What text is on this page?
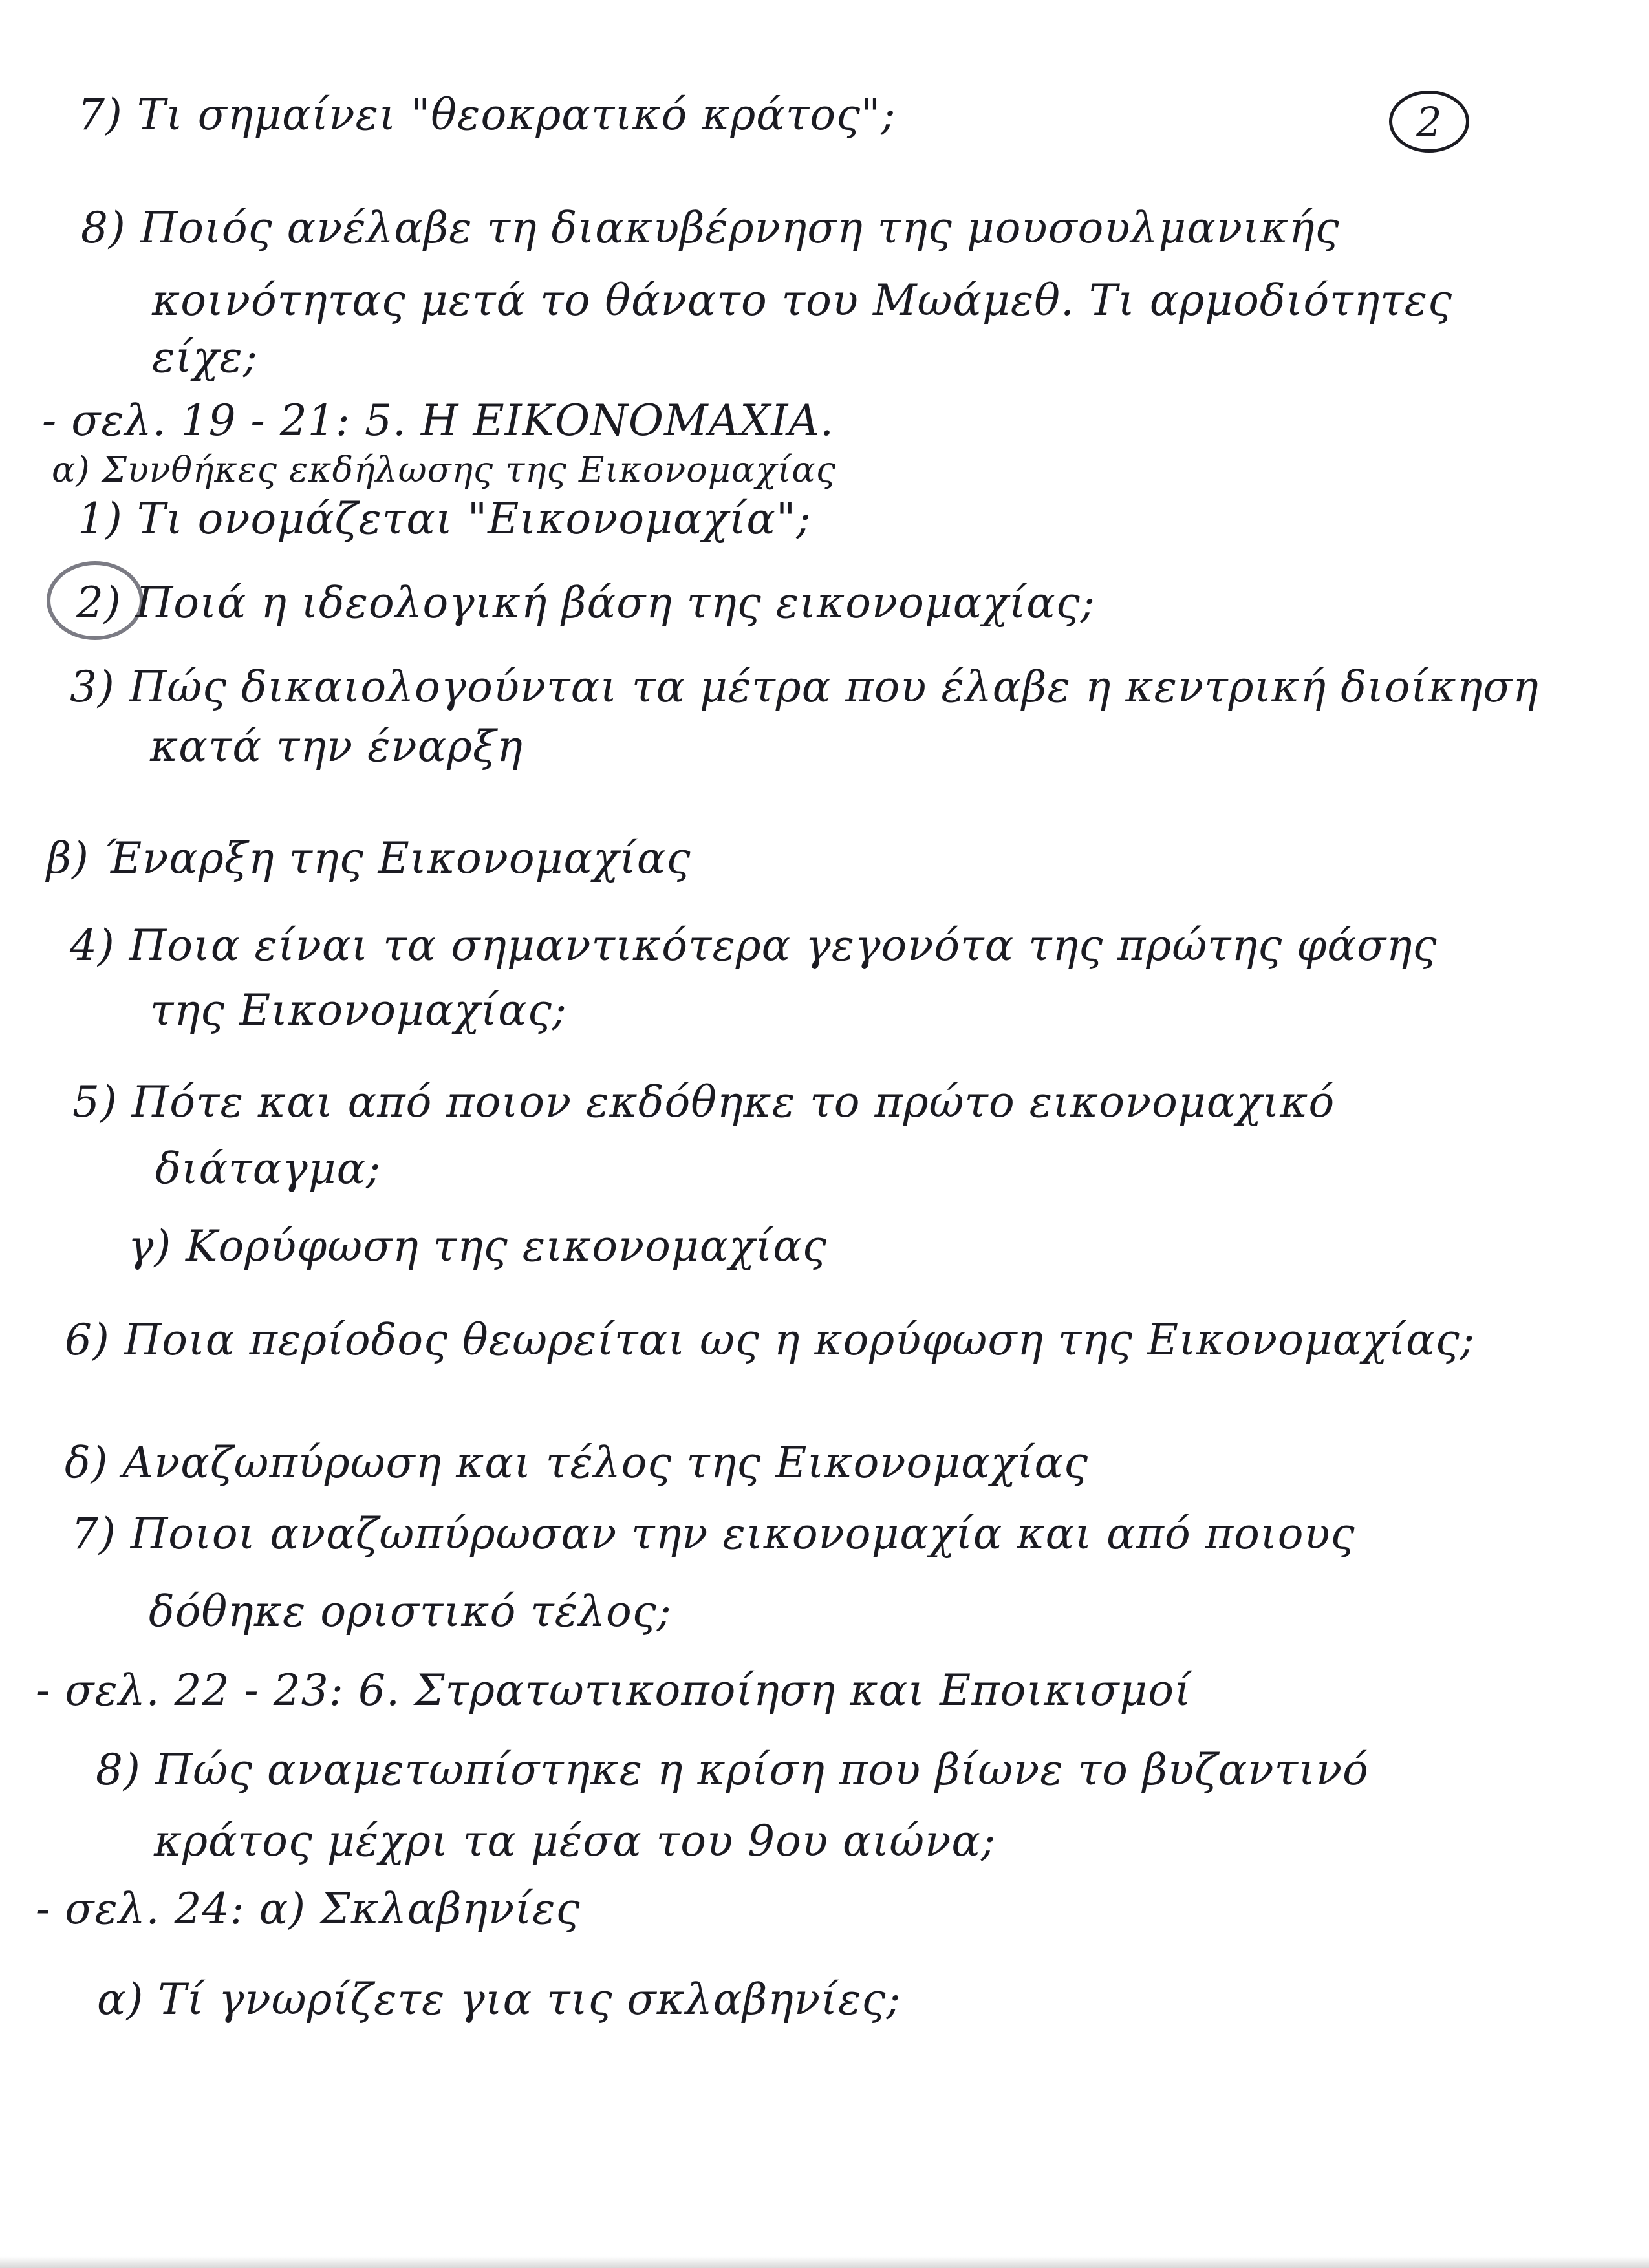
2
7) Τι σημαίνει "θεοκρατικό κράτος";
8) Ποιός ανέλαβε τη διακυβέρνηση της μουσουλμανικής
κοινότητας μετά το θάνατο του Μωάμεθ. Τι αρμοδιότητες
είχε;
- σελ. 19 - 21: 5. Η ΕΙΚΟΝΟΜΑΧΙΑ.
α) Συνθήκες εκδήλωσης της Εικονομαχίας
1) Τι ονομάζεται "Εικονομαχία";
2) Ποιά η ιδεολογική βάση της εικονομαχίας;
3) Πώς δικαιολογούνται τα μέτρα που έλαβε η κεντρική διοίκηση
κατά την έναρξη
β) Έναρξη της Εικονομαχίας
4) Ποια είναι τα σημαντικότερα γεγονότα της πρώτης φάσης
της Εικονομαχίας;
5) Πότε και από ποιον εκδόθηκε το πρώτο εικονομαχικό
διάταγμα;
γ) Κορύφωση της εικονομαχίας
6) Ποια περίοδος θεωρείται ως η κορύφωση της Εικονομαχίας;
δ) Αναζωπύρωση και τέλος της Εικονομαχίας
7) Ποιοι αναζωπύρωσαν την εικονομαχία και από ποιους
δόθηκε οριστικό τέλος;
- σελ. 22 - 23: 6. Στρατωτικοποίηση και Εποικισμοί
8) Πώς αναμετωπίστηκε η κρίση που βίωνε το βυζαντινό
κράτος μέχρι τα μέσα του 9ου αιώνα;
- σελ. 24: α) Σκλαβηνίες
α) Τί γνωρίζετε για τις σκλαβηνίες;
